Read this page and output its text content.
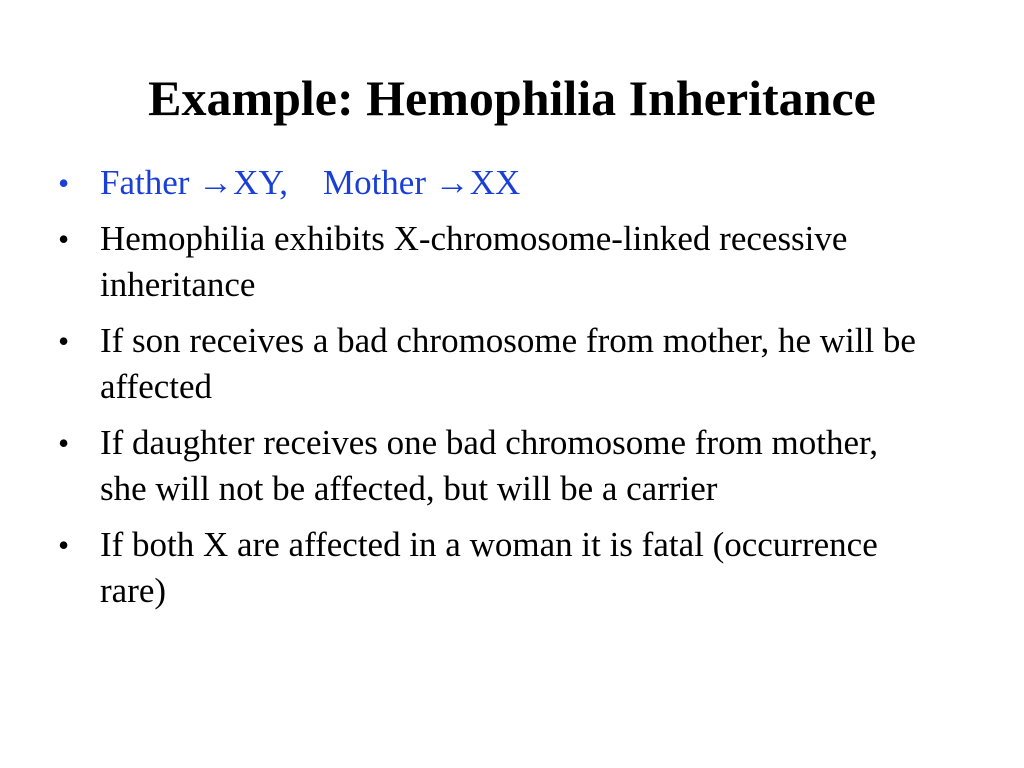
Example: Hemophilia Inheritance
• Father →XY,    Mother →XX
• Hemophilia exhibits X-chromosome-linked recessive inheritance
• If son receives a bad chromosome from mother, he will be affected
• If daughter receives one bad chromosome from mother, she will not be affected, but will be a carrier
• If both X are affected in a woman it is fatal (occurrence rare)
